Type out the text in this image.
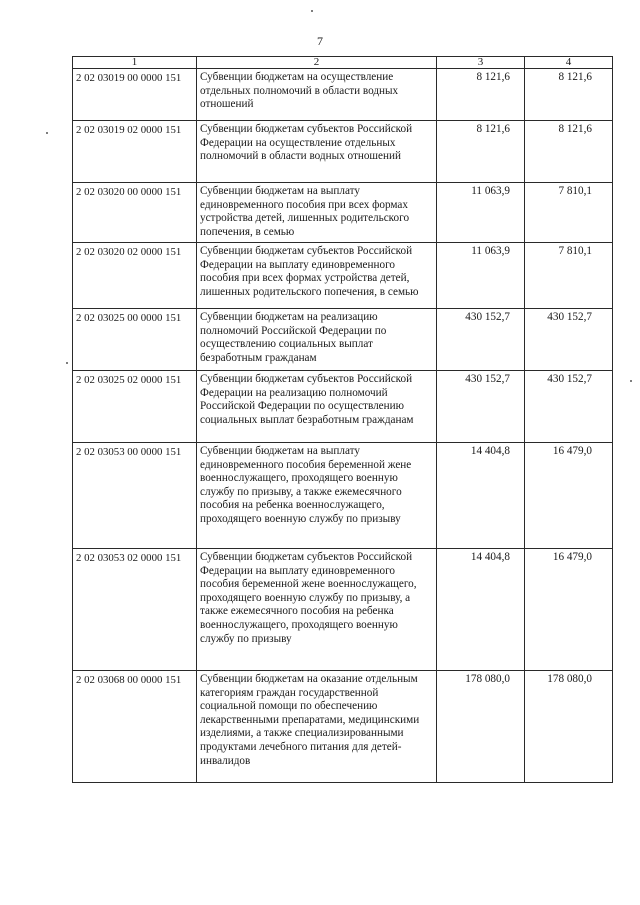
7
1	2	3	4
2 02 03019 00 0000 151	Субвенции бюджетам на осуществление отдельных полномочий в области водных отношений	8 121,6	8 121,6
2 02 03019 02 0000 151	Субвенции бюджетам субъектов Российской Федерации на осуществление отдельных полномочий в области водных отношений	8 121,6	8 121,6
2 02 03020 00 0000 151	Субвенции бюджетам на выплату единовременного пособия при всех формах устройства детей, лишенных родительского попечения, в семью	11 063,9	7 810,1
2 02 03020 02 0000 151	Субвенции бюджетам субъектов Российской Федерации на выплату единовременного пособия при всех формах устройства детей, лишенных родительского попечения, в семью	11 063,9	7 810,1
2 02 03025 00 0000 151	Субвенции бюджетам на реализацию полномочий Российской Федерации по осуществлению социальных выплат безработным гражданам	430 152,7	430 152,7
2 02 03025 02 0000 151	Субвенции бюджетам субъектов Российской Федерации на реализацию полномочий Российской Федерации по осуществлению социальных выплат безработным гражданам	430 152,7	430 152,7
2 02 03053 00 0000 151	Субвенции бюджетам на выплату единовременного пособия беременной жене военнослужащего, проходящего военную службу по призыву, а также ежемесячного пособия на ребенка военнослужащего, проходящего военную службу по призыву	14 404,8	16 479,0
2 02 03053 02 0000 151	Субвенции бюджетам субъектов Российской Федерации на выплату единовременного пособия беременной жене военнослужащего, проходящего военную службу по призыву, а также ежемесячного пособия на ребенка военнослужащего, проходящего военную службу по призыву	14 404,8	16 479,0
2 02 03068 00 0000 151	Субвенции бюджетам на оказание отдельным категориям граждан государственной социальной помощи по обеспечению лекарственными препаратами, медицинскими изделиями, а также специализированными продуктами лечебного питания для детей-инвалидов	178 080,0	178 080,0
